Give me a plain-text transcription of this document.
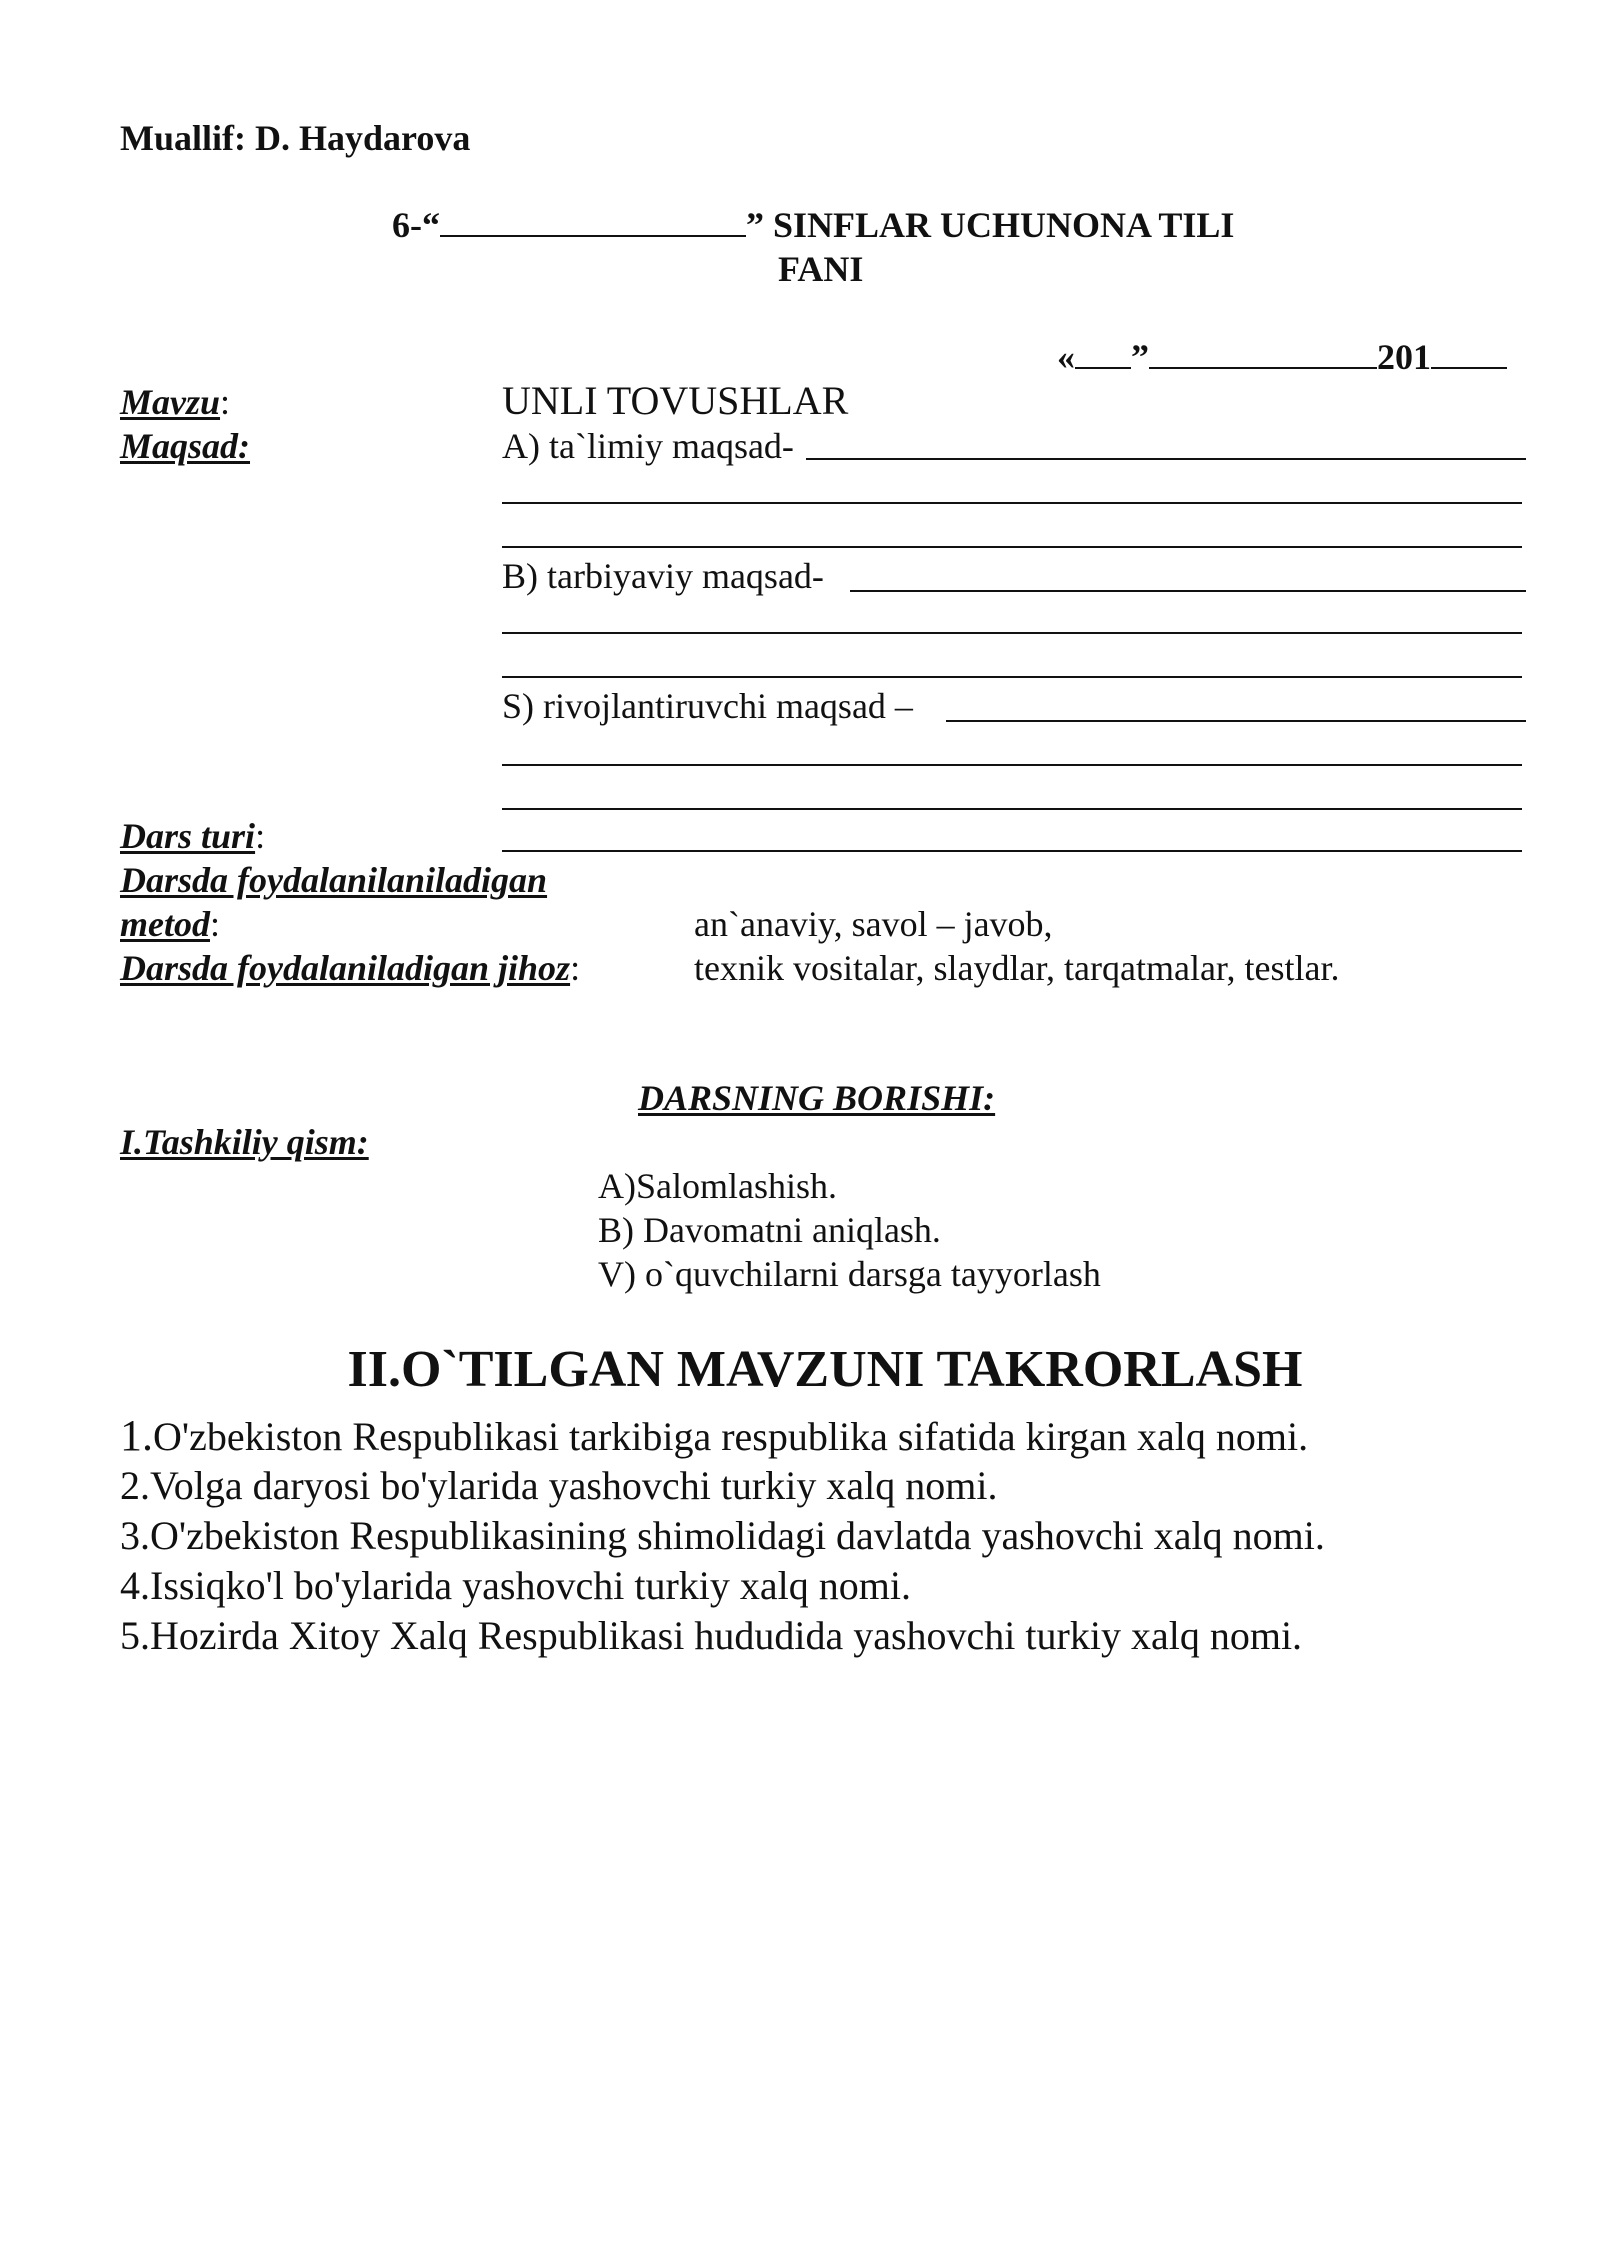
Muallif: D. Haydarova
6-“	” SINFLAR UCHUNONA TILI
FANI
« ”	201
Mavzu:	UNLI TOVUSHLAR
Maqsad:	A) ta`limiy maqsad-
B) tarbiyaviy maqsad-
S) rivojlantiruvchi maqsad –
Dars turi:
Darsda foydalanilaniladigan
metod:	an`anaviy, savol – javob,
Darsda foydalaniladigan jihoz:	texnik vositalar, slaydlar, tarqatmalar, testlar.
DARSNING BORISHI:
I.Tashkiliy qism:
A)Salomlashish.
B) Davomatni aniqlash.
V) o`quvchilarni darsga tayyorlash
II.O`TILGAN MAVZUNI TAKRORLASH
1.O'zbekiston Respublikasi tarkibiga respublika sifatida kirgan xalq nomi.
2.Volga daryosi bo'ylarida yashovchi turkiy xalq nomi.
3.O'zbekiston Respublikasining shimolidagi davlatda yashovchi xalq nomi.
4.Issiqko'l bo'ylarida yashovchi turkiy xalq nomi.
5.Hozirda Xitoy Xalq Respublikasi hududida yashovchi turkiy xalq nomi.
